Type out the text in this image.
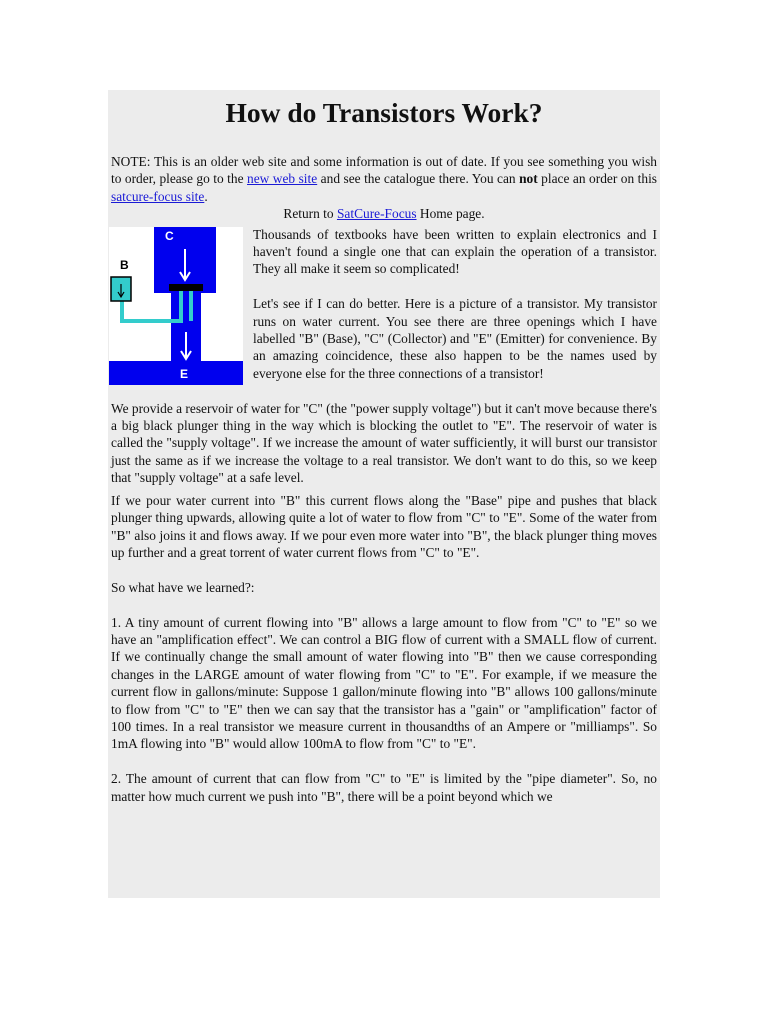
How do Transistors Work?

NOTE: This is an older web site and some information is out of date. If you see something you wish to order, please go to the new web site and see the catalogue there. You can not place an order on this satcure-focus site.

Return to SatCure-Focus Home page.

C
B
E

Thousands of textbooks have been written to explain electronics and I haven't found a single one that can explain the operation of a transistor. They all make it seem so complicated!

Let's see if I can do better. Here is a picture of a transistor. My transistor runs on water current. You see there are three openings which I have labelled "B" (Base), "C" (Collector) and "E" (Emitter) for convenience. By an amazing coincidence, these also happen to be the names used by everyone else for the three connections of a transistor!

We provide a reservoir of water for "C" (the "power supply voltage") but it can't move because there's a big black plunger thing in the way which is blocking the outlet to "E". The reservoir of water is called the "supply voltage". If we increase the amount of water sufficiently, it will burst our transistor just the same as if we increase the voltage to a real transistor. We don't want to do this, so we keep that "supply voltage" at a safe level.

If we pour water current into "B" this current flows along the "Base" pipe and pushes that black plunger thing upwards, allowing quite a lot of water to flow from "C" to "E". Some of the water from "B" also joins it and flows away. If we pour even more water into "B", the black plunger thing moves up further and a great torrent of water current flows from "C" to "E".

So what have we learned?:

1. A tiny amount of current flowing into "B" allows a large amount to flow from "C" to "E" so we have an "amplification effect". We can control a BIG flow of current with a SMALL flow of current. If we continually change the small amount of water flowing into "B" then we cause corresponding changes in the LARGE amount of water flowing from "C" to "E". For example, if we measure the current flow in gallons/minute: Suppose 1 gallon/minute flowing into "B" allows 100 gallons/minute to flow from "C" to "E" then we can say that the transistor has a "gain" or "amplification" factor of 100 times. In a real transistor we measure current in thousandths of an Ampere or "milliamps". So 1mA flowing into "B" would allow 100mA to flow from "C" to "E".

2. The amount of current that can flow from "C" to "E" is limited by the "pipe diameter". So, no matter how much current we push into "B", there will be a point beyond which we
